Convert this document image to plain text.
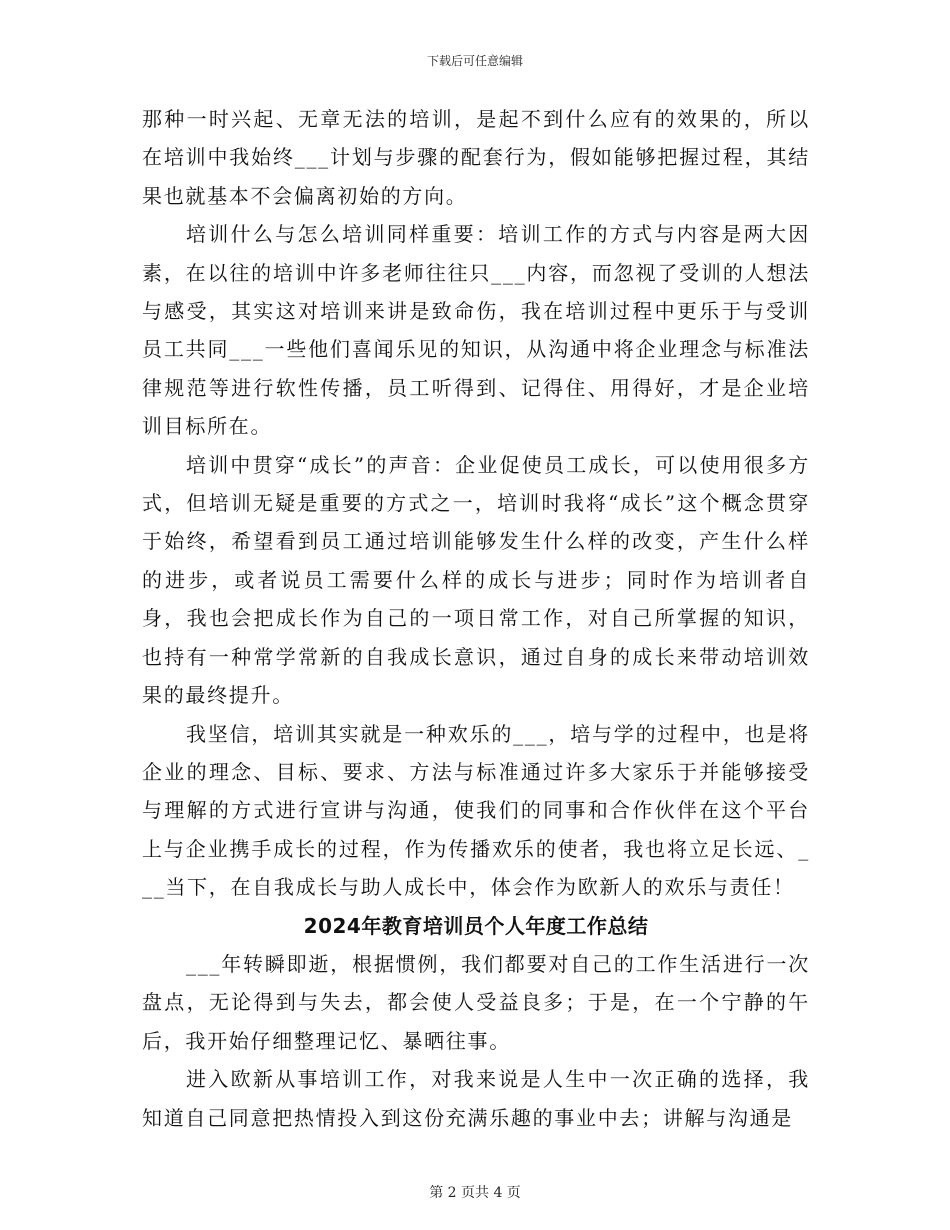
下载后可任意编辑

那种一时兴起、无章无法的培训，是起不到什么应有的效果的，所以在培训中我始终___计划与步骤的配套行为，假如能够把握过程，其结果也就基本不会偏离初始的方向。

培训什么与怎么培训同样重要：培训工作的方式与内容是两大因素，在以往的培训中许多老师往往只___内容，而忽视了受训的人想法与感受，其实这对培训来讲是致命伤，我在培训过程中更乐于与受训员工共同___一些他们喜闻乐见的知识，从沟通中将企业理念与标准法律规范等进行软性传播，员工听得到、记得住、用得好，才是企业培训目标所在。

培训中贯穿“成长”的声音：企业促使员工成长，可以使用很多方式，但培训无疑是重要的方式之一，培训时我将“成长”这个概念贯穿于始终，希望看到员工通过培训能够发生什么样的改变，产生什么样的进步，或者说员工需要什么样的成长与进步；同时作为培训者自身，我也会把成长作为自己的一项日常工作，对自己所掌握的知识，也持有一种常学常新的自我成长意识，通过自身的成长来带动培训效果的最终提升。

我坚信，培训其实就是一种欢乐的___，培与学的过程中，也是将企业的理念、目标、要求、方法与标准通过许多大家乐于并能够接受与理解的方式进行宣讲与沟通，使我们的同事和合作伙伴在这个平台上与企业携手成长的过程，作为传播欢乐的使者，我也将立足长远、___当下，在自我成长与助人成长中，体会作为欧新人的欢乐与责任！

2024年教育培训员个人年度工作总结

___年转瞬即逝，根据惯例，我们都要对自己的工作生活进行一次盘点，无论得到与失去，都会使人受益良多；于是，在一个宁静的午后，我开始仔细整理记忆、暴晒往事。

进入欧新从事培训工作，对我来说是人生中一次正确的选择，我知道自己同意把热情投入到这份充满乐趣的事业中去；讲解与沟通是

第 2 页共 4 页
